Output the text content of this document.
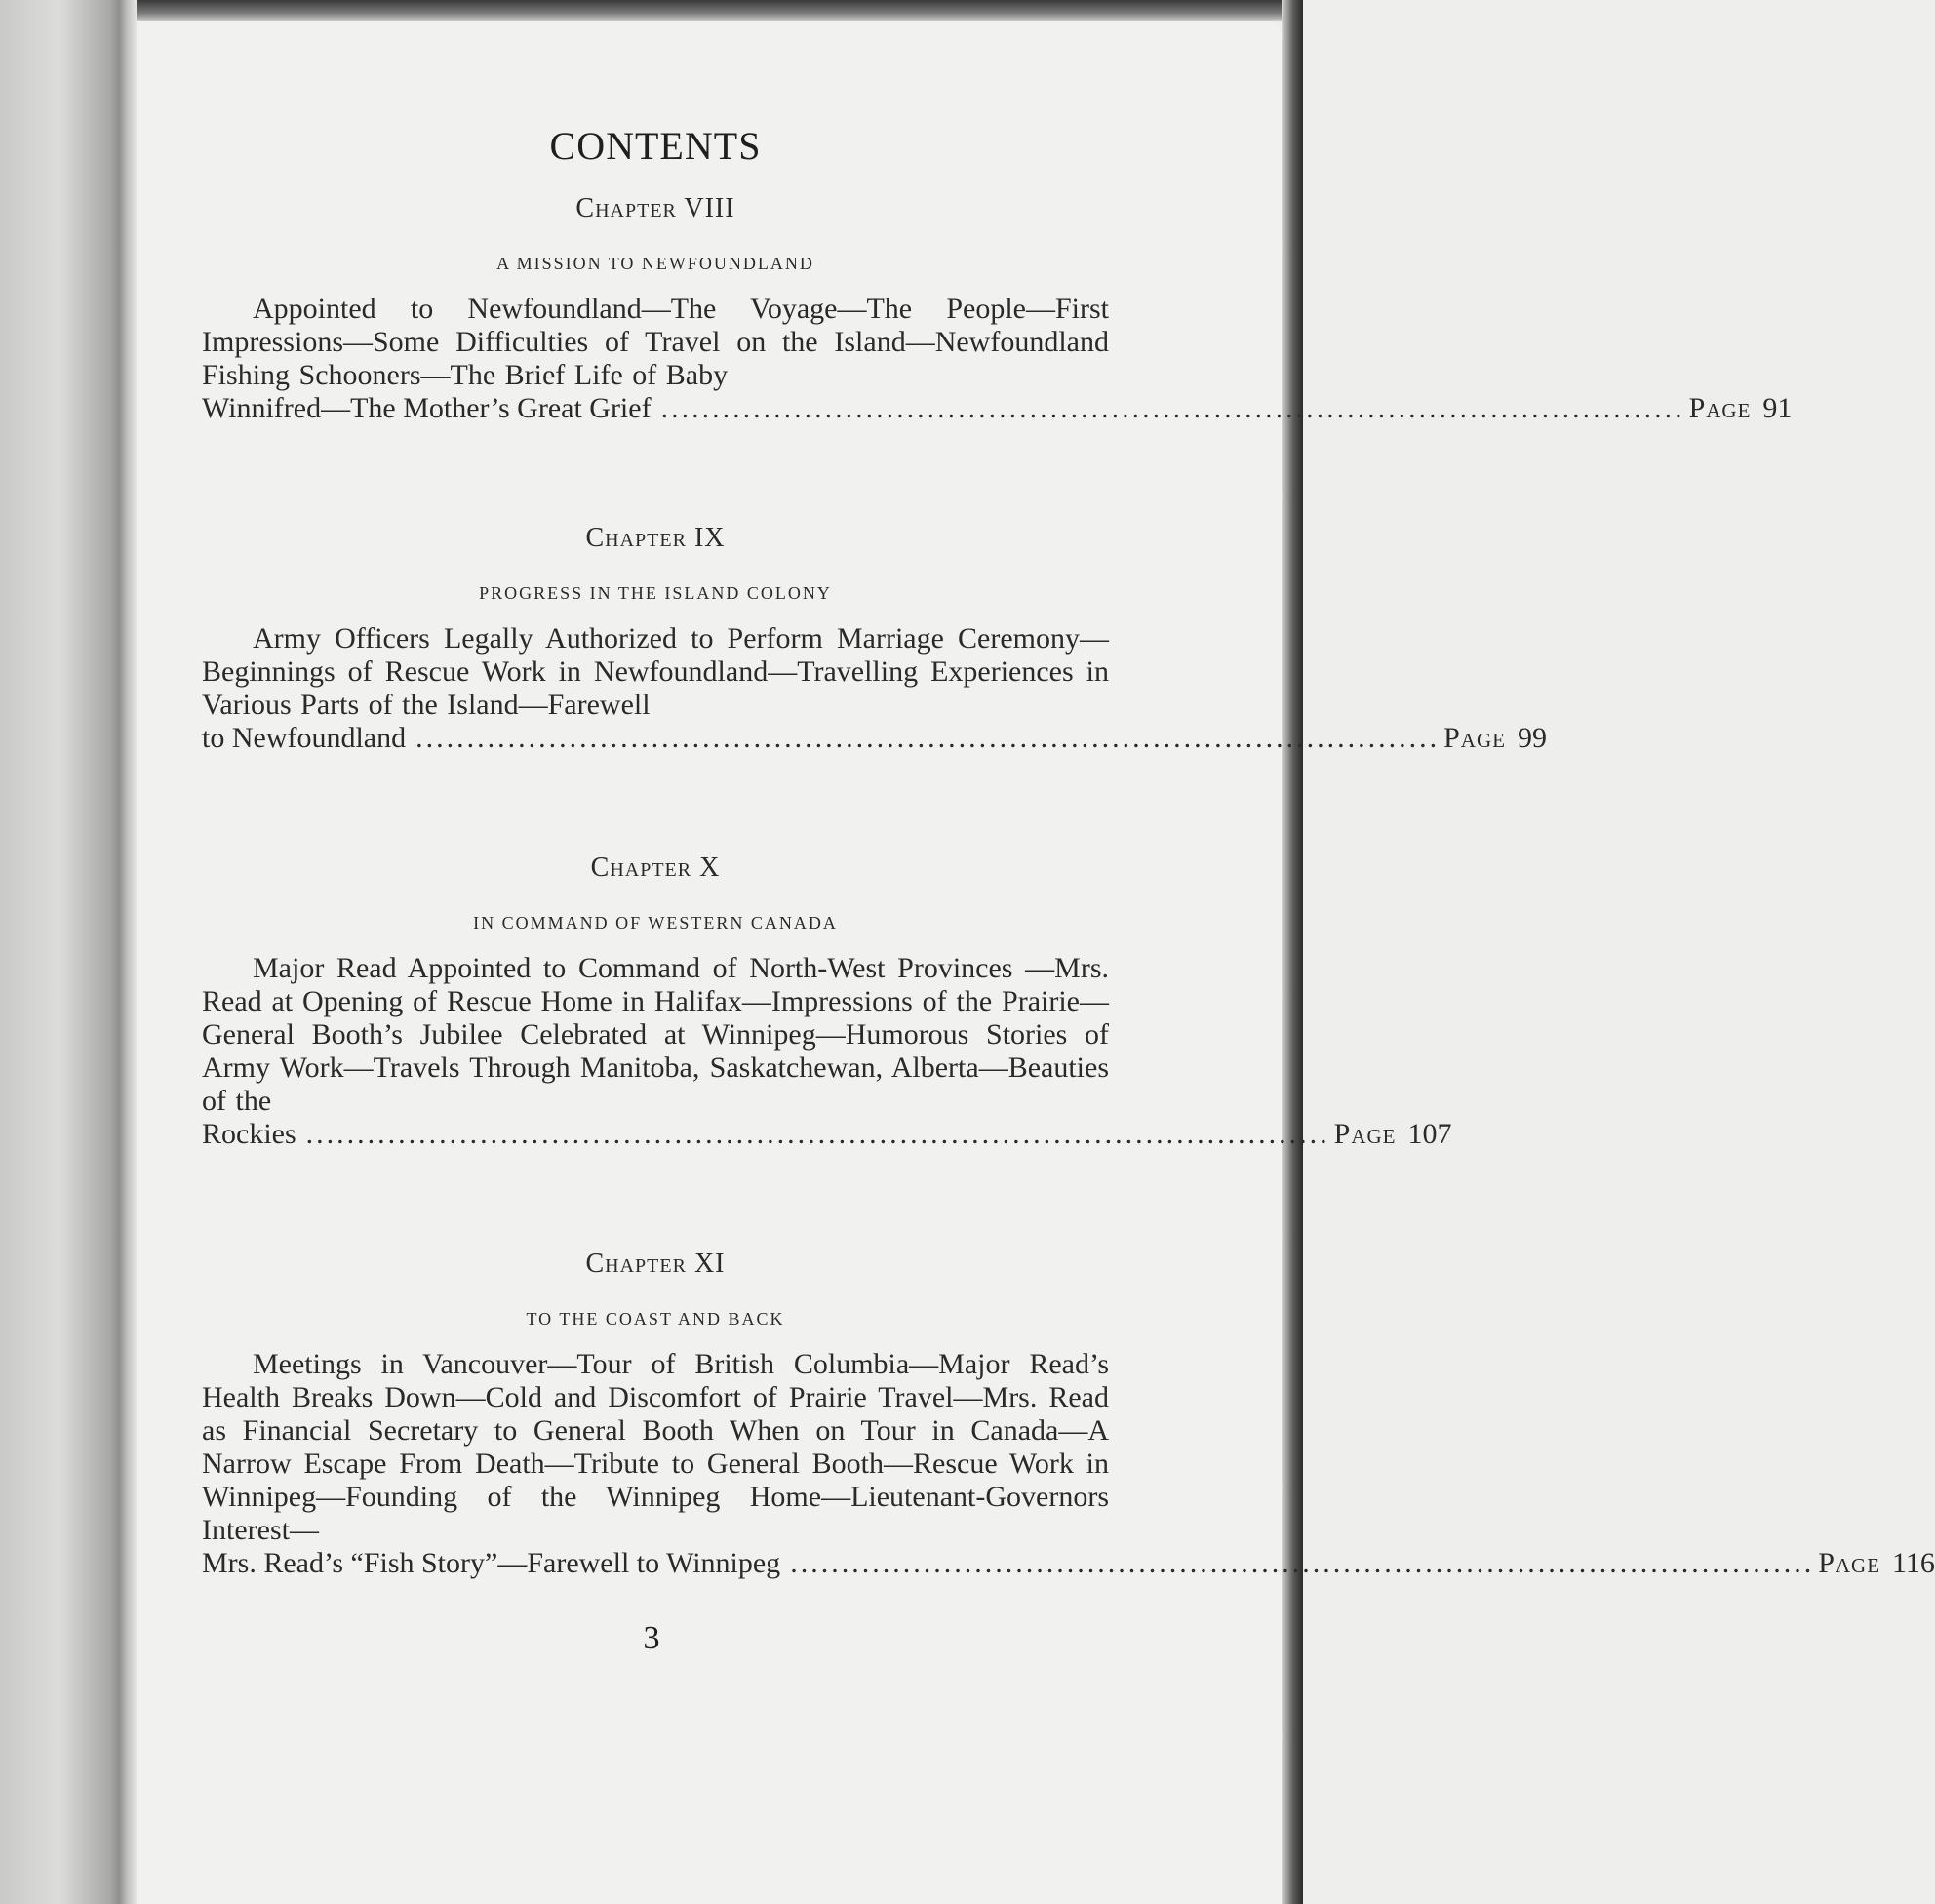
CONTENTS
Chapter VIII
A MISSION TO NEWFOUNDLAND

Appointed to Newfoundland—The Voyage—The People—First Impressions—Some Difficulties of Travel on the Island—Newfoundland Fishing Schooners—The Brief Life of Baby

Winnifred—The Mother’s Great Grief .................................................................................................... Page 91
Chapter IX
PROGRESS IN THE ISLAND COLONY

Army Officers Legally Authorized to Perform Marriage Ceremony—Beginnings of Rescue Work in Newfoundland—Travelling Experiences in Various Parts of the Island—Farewell

to Newfoundland .................................................................................................... Page 99
Chapter X
IN COMMAND OF WESTERN CANADA

Major Read Appointed to Command of North-West Provinces —Mrs. Read at Opening of Rescue Home in Halifax—Impressions of the Prairie—General Booth’s Jubilee Celebrated at Winnipeg—Humorous Stories of Army Work—Travels Through Manitoba, Saskatchewan, Alberta—Beauties of the

Rockies .................................................................................................... Page 107
Chapter XI
TO THE COAST AND BACK

Meetings in Vancouver—Tour of British Columbia—Major Read’s Health Breaks Down—Cold and Discomfort of Prairie Travel—Mrs. Read as Financial Secretary to General Booth When on Tour in Canada—A Narrow Escape From Death—Tribute to General Booth—Rescue Work in Winnipeg—Founding of the Winnipeg Home—Lieutenant-Governors Interest—

Mrs. Read’s “Fish Story”—Farewell to Winnipeg .................................................................................................... Page 116
3
